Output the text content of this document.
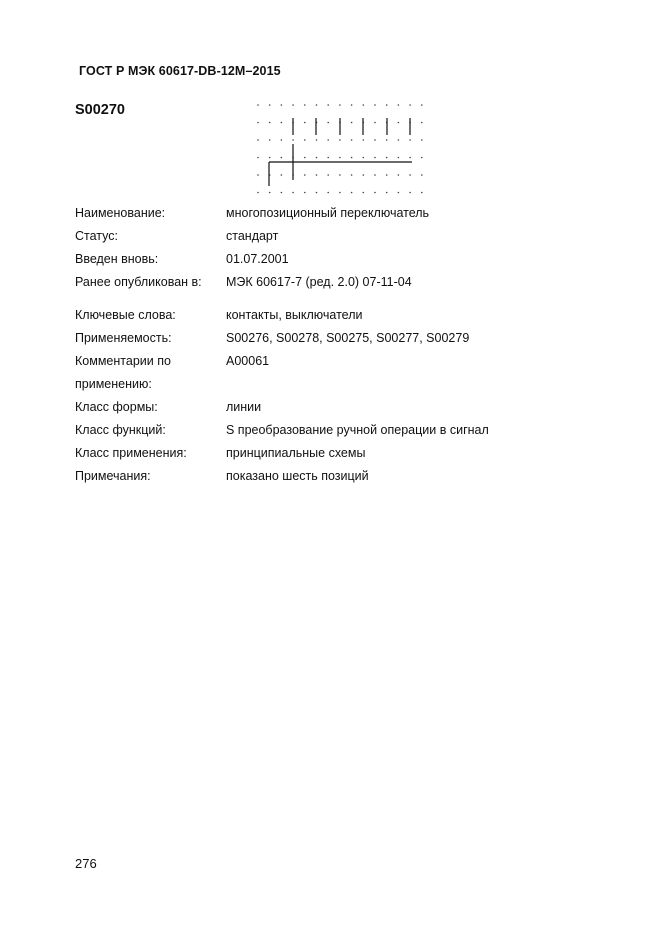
ГОСТ Р МЭК 60617-DB-12M–2015
S00270
Наименование:	многопозиционный переключатель
Статус:	стандарт
Введен вновь:	01.07.2001
Ранее опубликован в: МЭК 60617-7 (ред. 2.0) 07-11-04
Ключевые слова:	контакты, выключатели
Применяемость:	S00276, S00278, S00275, S00277, S00279
Комментарии по	A00061
применению:
Класс формы:	линии
Класс функций:	S преобразование ручной операции в сигнал
Класс применения:	принципиальные схемы
Примечания:	показано шесть позиций
276
